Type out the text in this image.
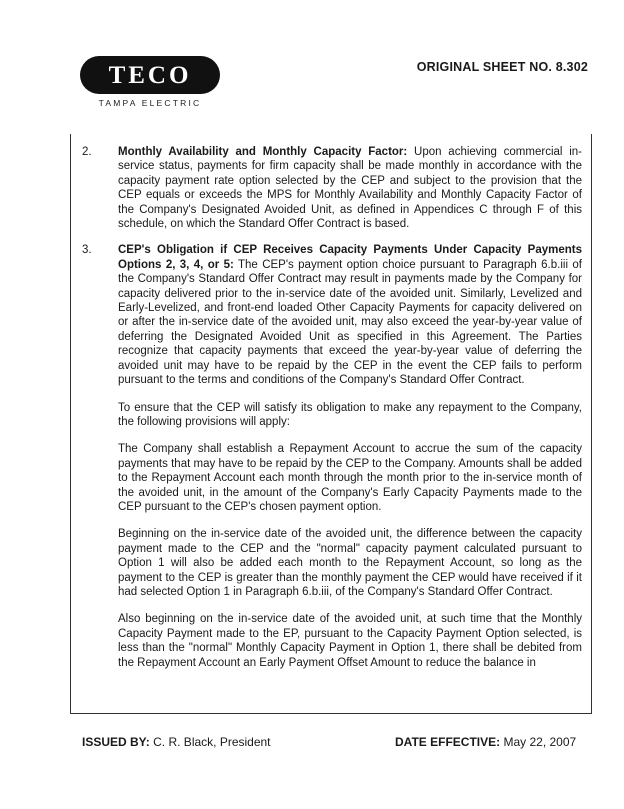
ORIGINAL SHEET NO. 8.302
TECO
TAMPA ELECTRIC
2.	Monthly Availability and Monthly Capacity Factor: Upon achieving commercial in-service status, payments for firm capacity shall be made monthly in accordance with the capacity payment rate option selected by the CEP and subject to the provision that the CEP equals or exceeds the MPS for Monthly Availability and Monthly Capacity Factor of the Company's Designated Avoided Unit, as defined in Appendices C through F of this schedule, on which the Standard Offer Contract is based.

3.	CEP's Obligation if CEP Receives Capacity Payments Under Capacity Payments Options 2, 3, 4, or 5: The CEP's payment option choice pursuant to Paragraph 6.b.iii of the Company's Standard Offer Contract may result in payments made by the Company for capacity delivered prior to the in-service date of the avoided unit. Similarly, Levelized and Early-Levelized, and front-end loaded Other Capacity Payments for capacity delivered on or after the in-service date of the avoided unit, may also exceed the year-by-year value of deferring the Designated Avoided Unit as specified in this Agreement. The Parties recognize that capacity payments that exceed the year-by-year value of deferring the avoided unit may have to be repaid by the CEP in the event the CEP fails to perform pursuant to the terms and conditions of the Company's Standard Offer Contract.

To ensure that the CEP will satisfy its obligation to make any repayment to the Company, the following provisions will apply:

The Company shall establish a Repayment Account to accrue the sum of the capacity payments that may have to be repaid by the CEP to the Company. Amounts shall be added to the Repayment Account each month through the month prior to the in-service month of the avoided unit, in the amount of the Company's Early Capacity Payments made to the CEP pursuant to the CEP's chosen payment option.

Beginning on the in-service date of the avoided unit, the difference between the capacity payment made to the CEP and the "normal" capacity payment calculated pursuant to Option 1 will also be added each month to the Repayment Account, so long as the payment to the CEP is greater than the monthly payment the CEP would have received if it had selected Option 1 in Paragraph 6.b.iii, of the Company's Standard Offer Contract.

Also beginning on the in-service date of the avoided unit, at such time that the Monthly Capacity Payment made to the EP, pursuant to the Capacity Payment Option selected, is less than the "normal" Monthly Capacity Payment in Option 1, there shall be debited from the Repayment Account an Early Payment Offset Amount to reduce the balance in

ISSUED BY: C. R. Black, President	DATE EFFECTIVE: May 22, 2007
